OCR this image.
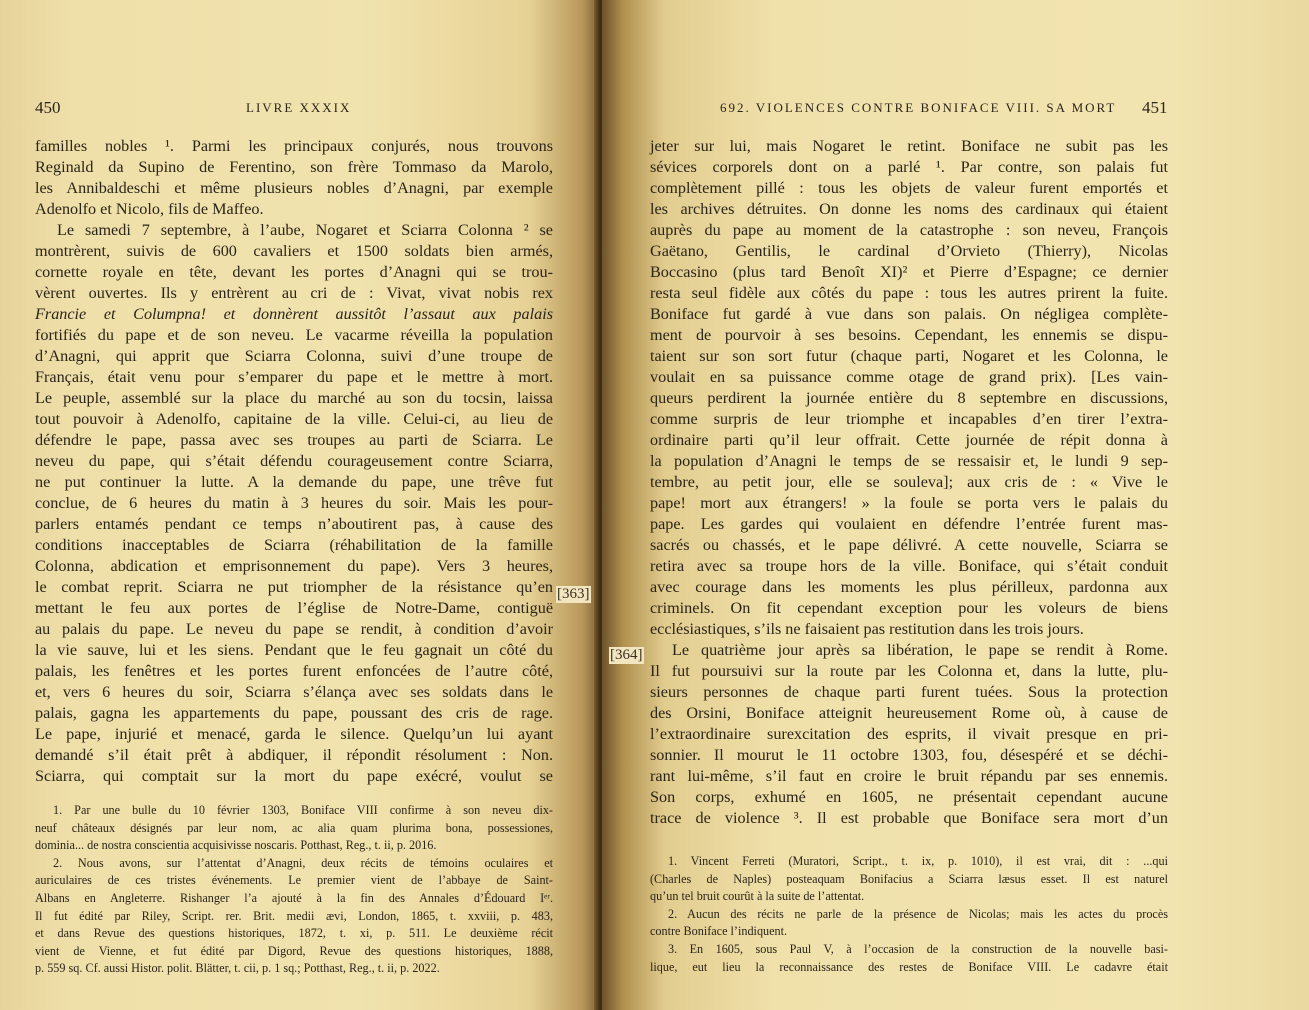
450	LIVRE XXXIX
familles nobles ¹. Parmi les principaux conjurés, nous trouvons
Reginald da Supino de Ferentino, son frère Tommaso da Marolo,
les Annibaldeschi et même plusieurs nobles d’Anagni, par exemple
Adenolfo et Nicolo, fils de Maffeo.
Le samedi 7 septembre, à l’aube, Nogaret et Sciarra Colonna ² se
montrèrent, suivis de 600 cavaliers et 1500 soldats bien armés,
cornette royale en tête, devant les portes d’Anagni qui se trou-
vèrent ouvertes. Ils y entrèrent au cri de : Vivat, vivat nobis rex
Francie et Columpna! et donnèrent aussitôt l’assaut aux palais
fortifiés du pape et de son neveu. Le vacarme réveilla la population
d’Anagni, qui apprit que Sciarra Colonna, suivi d’une troupe de
Français, était venu pour s’emparer du pape et le mettre à mort.
Le peuple, assemblé sur la place du marché au son du tocsin, laissa
tout pouvoir à Adenolfo, capitaine de la ville. Celui-ci, au lieu de
défendre le pape, passa avec ses troupes au parti de Sciarra. Le
neveu du pape, qui s’était défendu courageusement contre Sciarra,
ne put continuer la lutte. A la demande du pape, une trêve fut
conclue, de 6 heures du matin à 3 heures du soir. Mais les pour-
parlers entamés pendant ce temps n’aboutirent pas, à cause des
conditions inacceptables de Sciarra (réhabilitation de la famille
Colonna, abdication et emprisonnement du pape). Vers 3 heures,
le combat reprit. Sciarra ne put triompher de la résistance qu’en
mettant le feu aux portes de l’église de Notre-Dame, contiguë
au palais du pape. Le neveu du pape se rendit, à condition d’avoir
la vie sauve, lui et les siens. Pendant que le feu gagnait un côté du
palais, les fenêtres et les portes furent enfoncées de l’autre côté,
et, vers 6 heures du soir, Sciarra s’élança avec ses soldats dans le
palais, gagna les appartements du pape, poussant des cris de rage.
Le pape, injurié et menacé, garda le silence. Quelqu’un lui ayant
demandé s’il était prêt à abdiquer, il répondit résolument : Non.
Sciarra, qui comptait sur la mort du pape exécré, voulut se
1. Par une bulle du 10 février 1303, Boniface VIII confirme à son neveu dix-
neuf châteaux désignés par leur nom, ac alia quam plurima bona, possessiones,
dominia... de nostra conscientia acquisivisse noscaris. Potthast, Reg., t. ii, p. 2016.
2. Nous avons, sur l’attentat d’Anagni, deux récits de témoins oculaires et
auriculaires de ces tristes événements. Le premier vient de l’abbaye de Saint-
Albans en Angleterre. Rishanger l’a ajouté à la fin des Annales d’Édouard Iᵉʳ.
Il fut édité par Riley, Script. rer. Brit. medii ævi, London, 1865, t. xxviii, p. 483,
et dans Revue des questions historiques, 1872, t. xi, p. 511. Le deuxième récit
vient de Vienne, et fut édité par Digord, Revue des questions historiques, 1888,
p. 559 sq. Cf. aussi Histor. polit. Blätter, t. cii, p. 1 sq.; Potthast, Reg., t. ii, p. 2022.
692. VIOLENCES CONTRE BONIFACE VIII. SA MORT 451
jeter sur lui, mais Nogaret le retint. Boniface ne subit pas les
sévices corporels dont on a parlé ¹. Par contre, son palais fut
complètement pillé : tous les objets de valeur furent emportés et
les archives détruites. On donne les noms des cardinaux qui étaient
auprès du pape au moment de la catastrophe : son neveu, François
Gaëtano, Gentilis, le cardinal d’Orvieto (Thierry), Nicolas
Boccasino (plus tard Benoît XI)² et Pierre d’Espagne; ce dernier
resta seul fidèle aux côtés du pape : tous les autres prirent la fuite.
Boniface fut gardé à vue dans son palais. On négligea complète-
ment de pourvoir à ses besoins. Cependant, les ennemis se dispu-
taient sur son sort futur (chaque parti, Nogaret et les Colonna, le
voulait en sa puissance comme otage de grand prix). [Les vain-
queurs perdirent la journée entière du 8 septembre en discussions,
comme surpris de leur triomphe et incapables d’en tirer l’extra-
ordinaire parti qu’il leur offrait. Cette journée de répit donna à
la population d’Anagni le temps de se ressaisir et, le lundi 9 sep-
tembre, au petit jour, elle se souleva]; aux cris de : « Vive le
pape! mort aux étrangers! » la foule se porta vers le palais du
pape. Les gardes qui voulaient en défendre l’entrée furent mas-
sacrés ou chassés, et le pape délivré. A cette nouvelle, Sciarra se
retira avec sa troupe hors de la ville. Boniface, qui s’était conduit
avec courage dans les moments les plus périlleux, pardonna aux
criminels. On fit cependant exception pour les voleurs de biens
ecclésiastiques, s’ils ne faisaient pas restitution dans les trois jours.
Le quatrième jour après sa libération, le pape se rendit à Rome.
Il fut poursuivi sur la route par les Colonna et, dans la lutte, plu-
sieurs personnes de chaque parti furent tuées. Sous la protection
des Orsini, Boniface atteignit heureusement Rome où, à cause de
l’extraordinaire surexcitation des esprits, il vivait presque en pri-
sonnier. Il mourut le 11 octobre 1303, fou, désespéré et se déchi-
rant lui-même, s’il faut en croire le bruit répandu par ses ennemis.
Son corps, exhumé en 1605, ne présentait cependant aucune
trace de violence ³. Il est probable que Boniface sera mort d’un
1. Vincent Ferreti (Muratori, Script., t. ix, p. 1010), il est vrai, dit : ...qui
(Charles de Naples) posteaquam Bonifacius a Sciarra læsus esset. Il est naturel
qu’un tel bruit courût à la suite de l’attentat.
2. Aucun des récits ne parle de la présence de Nicolas; mais les actes du procès
contre Boniface l’indiquent.
3. En 1605, sous Paul V, à l’occasion de la construction de la nouvelle basi-
lique, eut lieu la reconnaissance des restes de Boniface VIII. Le cadavre était
[363]
[364]
